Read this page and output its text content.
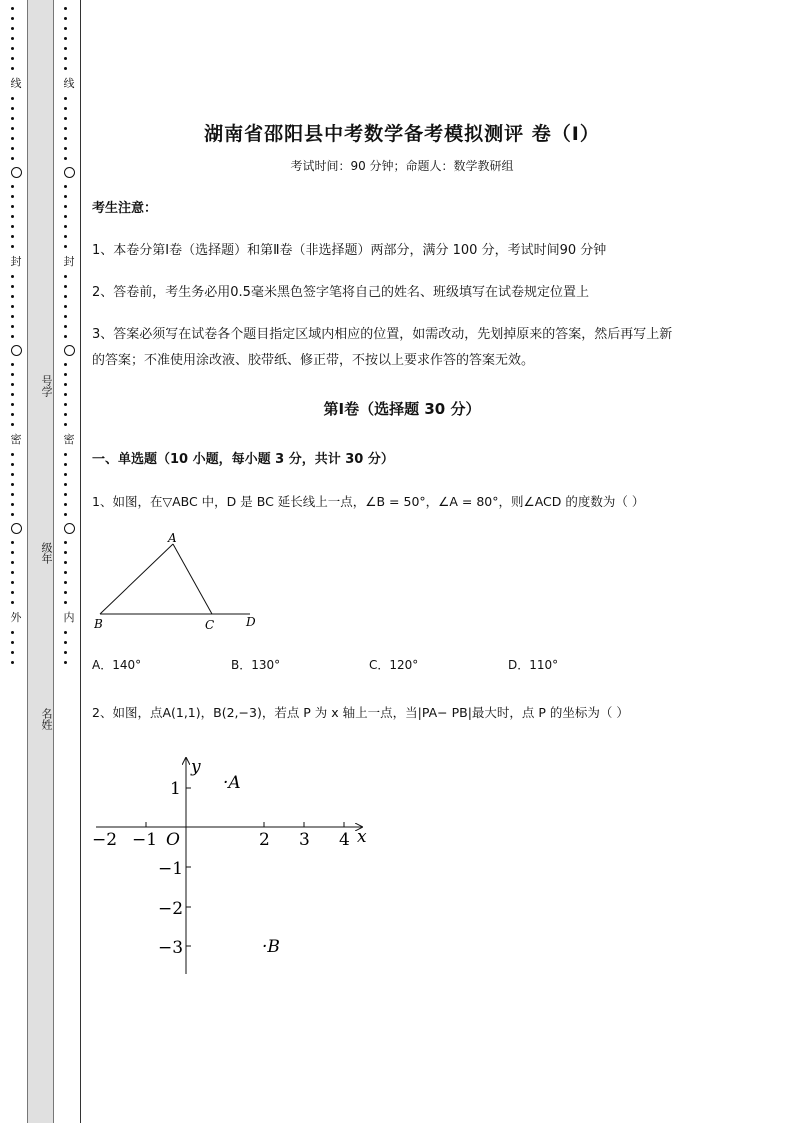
线
封
密
外
号学
级年
名姓
线
封
密
内
湖南省邵阳县中考数学备考模拟测评 卷（Ⅰ）
考试时间：90 分钟；命题人：数学教研组
考生注意：
1、本卷分第Ⅰ卷（选择题）和第Ⅱ卷（非选择题）两部分，满分 100 分，考试时间90 分钟
2、答卷前，考生务必用0.5毫米黑色签字笔将自己的姓名、班级填写在试卷规定位置上
3、答案必须写在试卷各个题目指定区域内相应的位置，如需改动，先划掉原来的答案，然后再写上新
的答案；不准使用涂改液、胶带纸、修正带，不按以上要求作答的答案无效。
第Ⅰ卷（选择题 30 分）
一、单选题（10 小题，每小题 3 分，共计 30 分）
1、如图，在▽ABC 中，D 是 BC 延长线上一点，∠B = 50°，∠A = 80°，则∠ACD 的度数为（ ）
A
B	C	D
A．140°	B．130°	C．120°	D．110°
2、如图，点A(1,1)，B(2,−3)，若点 P 为 x 轴上一点，当|PA− PB|最大时，点 P 的坐标为（ ）
y
x
O
−2 −1	2 3 4
1
−1
−2
−3
·A
·B
